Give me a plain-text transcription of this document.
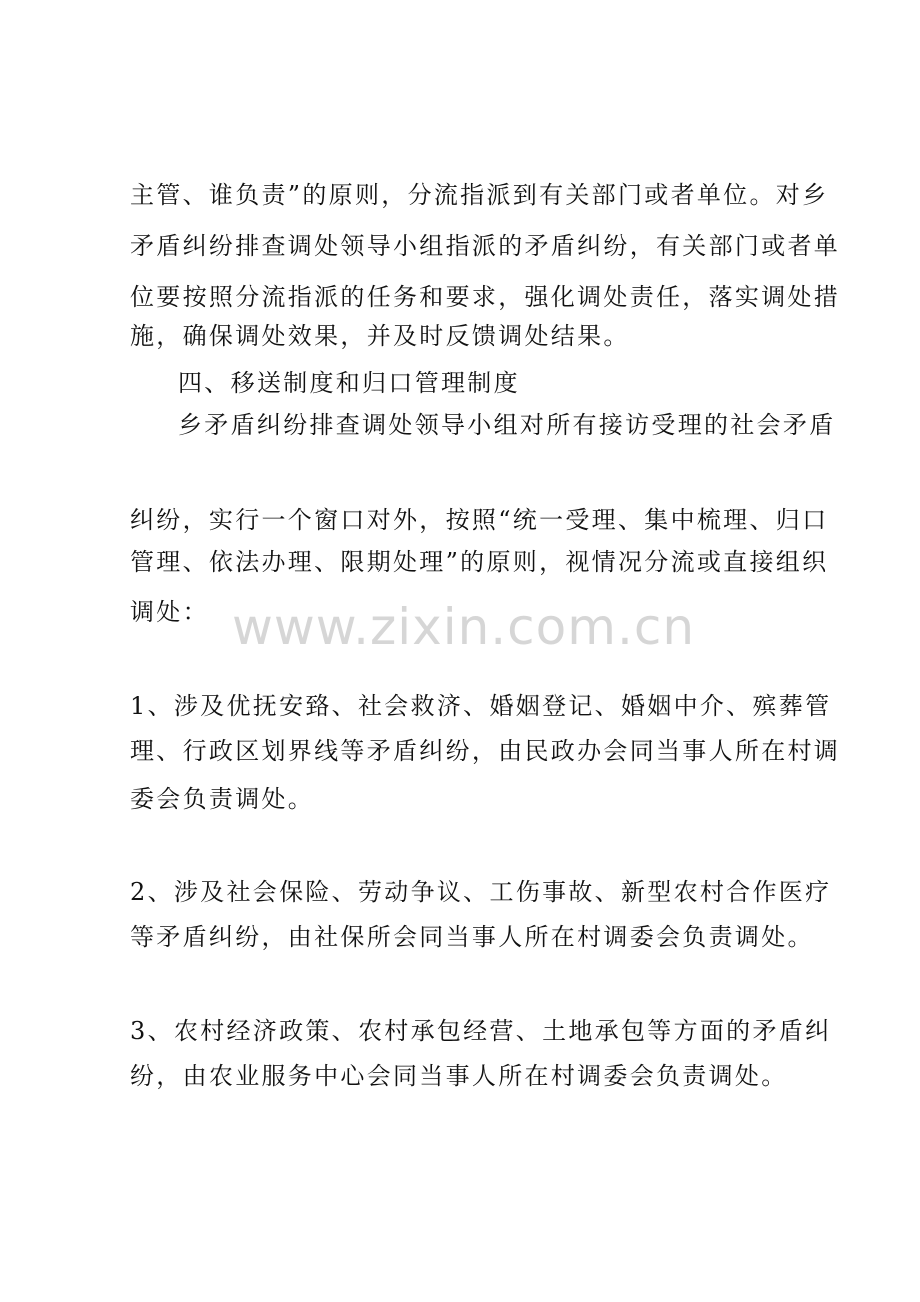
主管、谁负责”的原则，分流指派到有关部门或者单位。对乡
矛盾纠纷排查调处领导小组指派的矛盾纠纷，有关部门或者单
位要按照分流指派的任务和要求，强化调处责任，落实调处措
施，确保调处效果，并及时反馈调处结果。
四、移送制度和归口管理制度
乡矛盾纠纷排查调处领导小组对所有接访受理的社会矛盾
纠纷，实行一个窗口对外，按照“统一受理、集中梳理、归口
管理、依法办理、限期处理”的原则，视情况分流或直接组织
调处： www.zixin.com.cn
1、涉及优抚安臵、社会救济、婚姻登记、婚姻中介、殡葬管
理、行政区划界线等矛盾纠纷，由民政办会同当事人所在村调
委会负责调处。
2、涉及社会保险、劳动争议、工伤事故、新型农村合作医疗
等矛盾纠纷，由社保所会同当事人所在村调委会负责调处。
3、农村经济政策、农村承包经营、土地承包等方面的矛盾纠
纷，由农业服务中心会同当事人所在村调委会负责调处。
